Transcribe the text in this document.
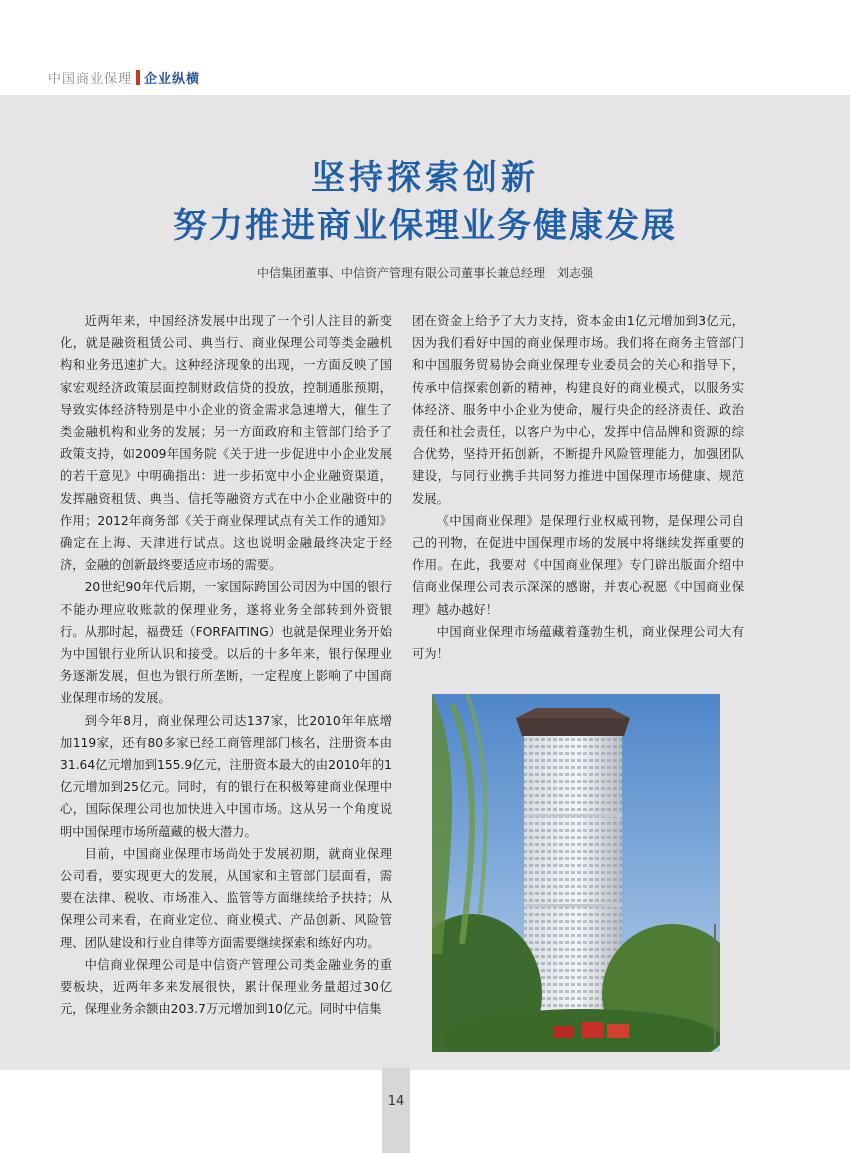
中国商业保理 企业纵横
坚持探索创新
努力推进商业保理业务健康发展
中信集团董事、中信资产管理有限公司董事长兼总经理　刘志强

近两年来，中国经济发展中出现了一个引人注目的新变化，就是融资租赁公司、典当行、商业保理公司等类金融机构和业务迅速扩大。这种经济现象的出现，一方面反映了国家宏观经济政策层面控制财政信贷的投放，控制通胀预期，导致实体经济特别是中小企业的资金需求急速增大，催生了类金融机构和业务的发展；另一方面政府和主管部门给予了政策支持，如2009年国务院《关于进一步促进中小企业发展的若干意见》中明确指出：进一步拓宽中小企业融资渠道，发挥融资租赁、典当、信托等融资方式在中小企业融资中的作用；2012年商务部《关于商业保理试点有关工作的通知》确定在上海、天津进行试点。这也说明金融最终决定于经济，金融的创新最终要适应市场的需要。

20世纪90年代后期，一家国际跨国公司因为中国的银行不能办理应收账款的保理业务，遂将业务全部转到外资银行。从那时起，福费廷（FORFAITING）也就是保理业务开始为中国银行业所认识和接受。以后的十多年来，银行保理业务逐渐发展，但也为银行所垄断，一定程度上影响了中国商业保理市场的发展。

到今年8月，商业保理公司达137家，比2010年年底增加119家，还有80多家已经工商管理部门核名，注册资本由31.64亿元增加到155.9亿元，注册资本最大的由2010年的1亿元增加到25亿元。同时，有的银行在积极筹建商业保理中心，国际保理公司也加快进入中国市场。这从另一个角度说明中国保理市场所蕴藏的极大潜力。

目前，中国商业保理市场尚处于发展初期，就商业保理公司看，要实现更大的发展，从国家和主管部门层面看，需要在法律、税收、市场准入、监管等方面继续给予扶持；从保理公司来看，在商业定位、商业模式、产品创新、风险管理、团队建设和行业自律等方面需要继续探索和练好内功。

中信商业保理公司是中信资产管理公司类金融业务的重要板块，近两年多来发展很快，累计保理业务量超过30亿元，保理业务余额由203.7万元增加到10亿元。同时中信集

团在资金上给予了大力支持，资本金由1亿元增加到3亿元，因为我们看好中国的商业保理市场。我们将在商务主管部门和中国服务贸易协会商业保理专业委员会的关心和指导下，传承中信探索创新的精神，构建良好的商业模式，以服务实体经济、服务中小企业为使命，履行央企的经济责任、政治责任和社会责任，以客户为中心，发挥中信品牌和资源的综合优势，坚持开拓创新，不断提升风险管理能力，加强团队建设，与同行业携手共同努力推进中国保理市场健康、规范发展。

《中国商业保理》是保理行业权威刊物，是保理公司自己的刊物，在促进中国保理市场的发展中将继续发挥重要的作用。在此，我要对《中国商业保理》专门辟出版面介绍中信商业保理公司表示深深的感谢，并衷心祝愿《中国商业保理》越办越好！

中国商业保理市场蕴藏着蓬勃生机，商业保理公司大有可为！

14
